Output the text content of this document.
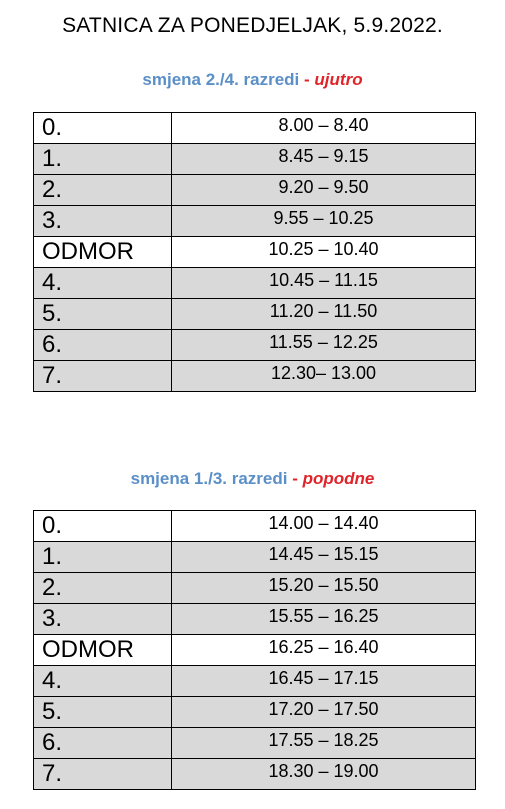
SATNICA ZA PONEDJELJAK, 5.9.2022.
smjena 2./4. razredi - ujutro
0.	8.00 – 8.40
1.	8.45 – 9.15
2.	9.20 – 9.50
3.	9.55 – 10.25
ODMOR	10.25 – 10.40
4.	10.45 – 11.15
5.	11.20 – 11.50
6.	11.55 – 12.25
7.	12.30– 13.00
smjena 1./3. razredi - popodne
0.	14.00 – 14.40
1.	14.45 – 15.15
2.	15.20 – 15.50
3.	15.55 – 16.25
ODMOR	16.25 – 16.40
4.	16.45 – 17.15
5.	17.20 – 17.50
6.	17.55 – 18.25
7.	18.30 – 19.00
